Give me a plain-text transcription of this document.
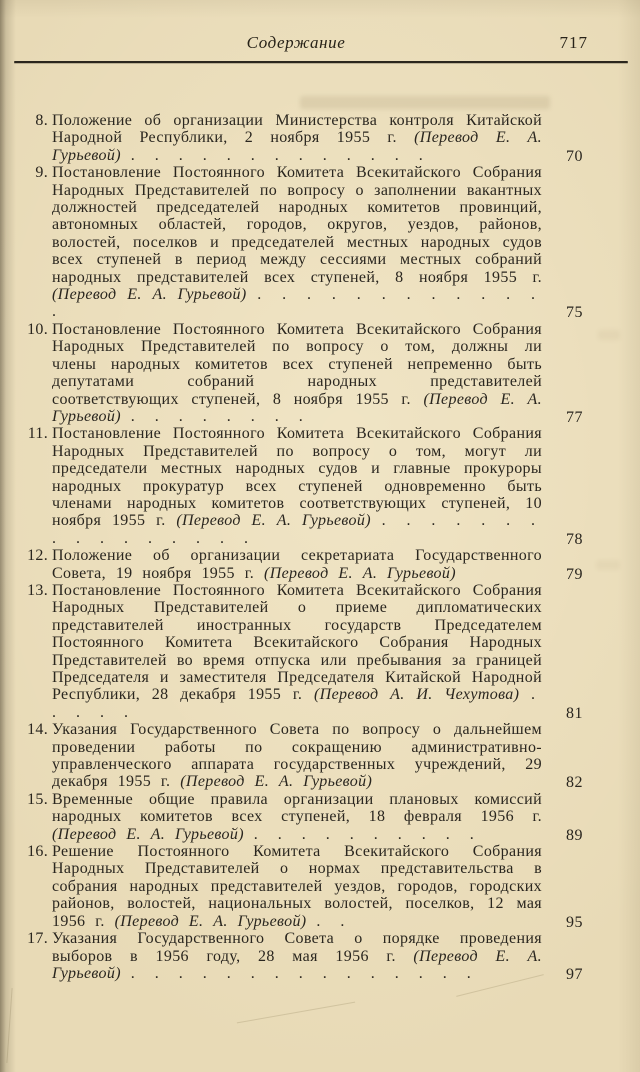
Содержание	717
8. Положение об организации Министерства контроля Китайской Народной Республики, 2 ноября 1955 г. (Перевод Е. А. Гурьевой) . . . . . . . . . . . . .	70
9. Постановление Постоянного Комитета Всекитайского Собрания Народных Представителей по вопросу о заполнении вакантных должностей председателей народных комитетов провинций, автономных областей, городов, округов, уездов, районов, волостей, поселков и председателей местных народных судов всех ступеней в период между сессиями местных собраний народных представителей всех ступеней, 8 ноября 1955 г. (Перевод Е. А. Гурьевой) . . . . . . . . . . . . .	75
10. Постановление Постоянного Комитета Всекитайского Собрания Народных Представителей по вопросу о том, должны ли члены народных комитетов всех ступеней непременно быть депутатами собраний народных представителей соответствующих ступеней, 8 ноября 1955 г. (Перевод Е. А. Гурьевой) . . . . . . . .	77
11. Постановление Постоянного Комитета Всекитайского Собрания Народных Представителей по вопросу о том, могут ли председатели местных народных судов и главные прокуроры народных прокуратур всех ступеней одновременно быть членами народных комитетов соответствующих ступеней, 10 ноября 1955 г. (Перевод Е. А. Гурьевой) . . . . . . . . . . . . . . . .	78
12. Положение об организации секретариата Государственного Совета, 19 ноября 1955 г. (Перевод Е. А. Гурьевой)	79
13. Постановление Постоянного Комитета Всекитайского Собрания Народных Представителей о приеме дипломатических представителей иностранных государств Председателем Постоянного Комитета Всекитайского Собрания Народных Представителей во время отпуска или пребывания за границей Председателя и заместителя Председателя Китайской Народной Республики, 28 декабря 1955 г. (Перевод А. И. Чехутова) . . . . .	81
14. Указания Государственного Совета по вопросу о дальнейшем проведении работы по сокращению административно-управленческого аппарата государственных учреждений, 29 декабря 1955 г. (Перевод Е. А. Гурьевой)	82
15. Временные общие правила организации плановых комиссий народных комитетов всех ступеней, 18 февраля 1956 г. (Перевод Е. А. Гурьевой) . . . . . . . . . .	89
16. Решение Постоянного Комитета Всекитайского Собрания Народных Представителей о нормах представительства в собрания народных представителей уездов, городов, городских районов, волостей, национальных волостей, поселков, 12 мая 1956 г. (Перевод Е. А. Гурьевой) . .	95
17. Указания Государственного Совета о порядке проведения выборов в 1956 году, 28 мая 1956 г. (Перевод Е. А. Гурьевой) . . . . . . . . . . . . . . .	97
